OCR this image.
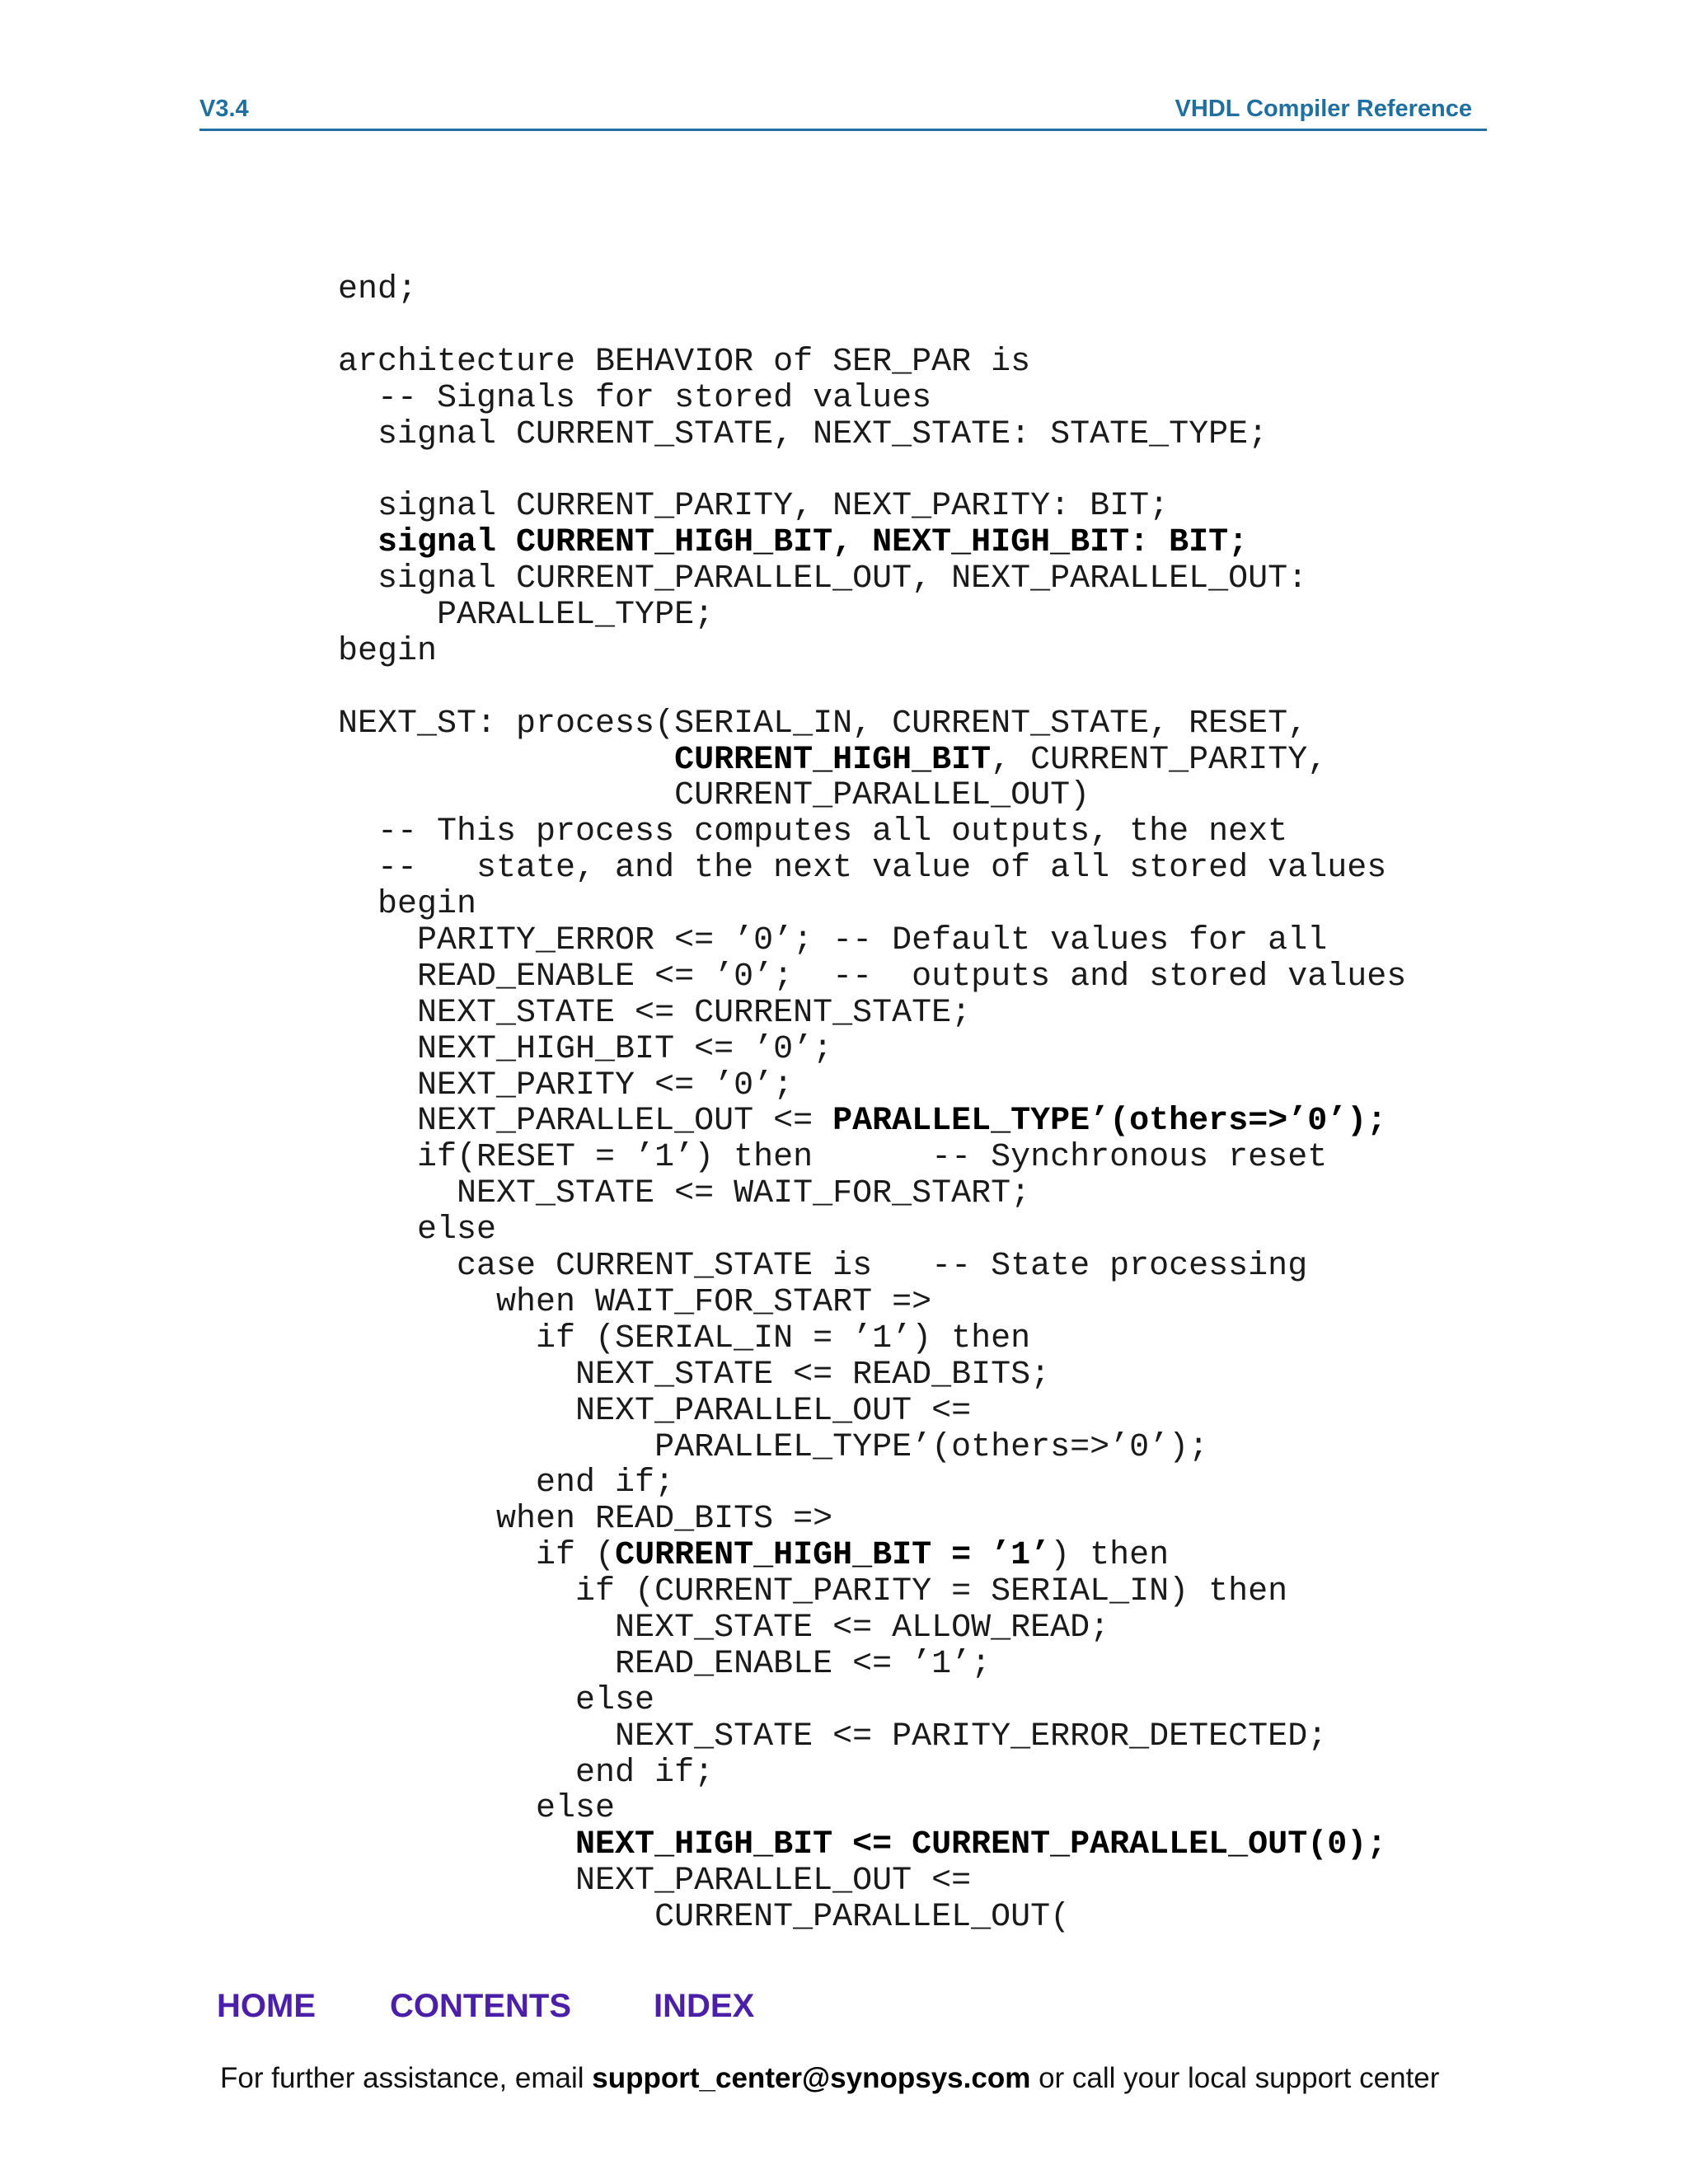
V3.4	VHDL Compiler Reference
end;

architecture BEHAVIOR of SER_PAR is
-- Signals for stored values
signal CURRENT_STATE, NEXT_STATE: STATE_TYPE;

signal CURRENT_PARITY, NEXT_PARITY: BIT;
signal CURRENT_HIGH_BIT, NEXT_HIGH_BIT: BIT;
signal CURRENT_PARALLEL_OUT, NEXT_PARALLEL_OUT:
PARALLEL_TYPE;
begin

NEXT_ST: process(SERIAL_IN, CURRENT_STATE, RESET,
CURRENT_HIGH_BIT, CURRENT_PARITY,
CURRENT_PARALLEL_OUT)
-- This process computes all outputs, the next
--   state, and the next value of all stored values
begin
PARITY_ERROR <= ’0’; -- Default values for all
READ_ENABLE <= ’0’;  --  outputs and stored values
NEXT_STATE <= CURRENT_STATE;
NEXT_HIGH_BIT <= ’0’;
NEXT_PARITY <= ’0’;
NEXT_PARALLEL_OUT <= PARALLEL_TYPE’(others=>’0’);
if(RESET = ’1’) then      -- Synchronous reset
NEXT_STATE <= WAIT_FOR_START;
else
case CURRENT_STATE is   -- State processing
when WAIT_FOR_START =>
if (SERIAL_IN = ’1’) then
NEXT_STATE <= READ_BITS;
NEXT_PARALLEL_OUT <=
PARALLEL_TYPE’(others=>’0’);
end if;
when READ_BITS =>
if (CURRENT_HIGH_BIT = ’1’) then
if (CURRENT_PARITY = SERIAL_IN) then
NEXT_STATE <= ALLOW_READ;
READ_ENABLE <= ’1’;
else
NEXT_STATE <= PARITY_ERROR_DETECTED;
end if;
else
NEXT_HIGH_BIT <= CURRENT_PARALLEL_OUT(0);
NEXT_PARALLEL_OUT <=
CURRENT_PARALLEL_OUT(
HOME CONTENTS	INDEX
For further assistance, email support_center@synopsys.com or call your local support center
